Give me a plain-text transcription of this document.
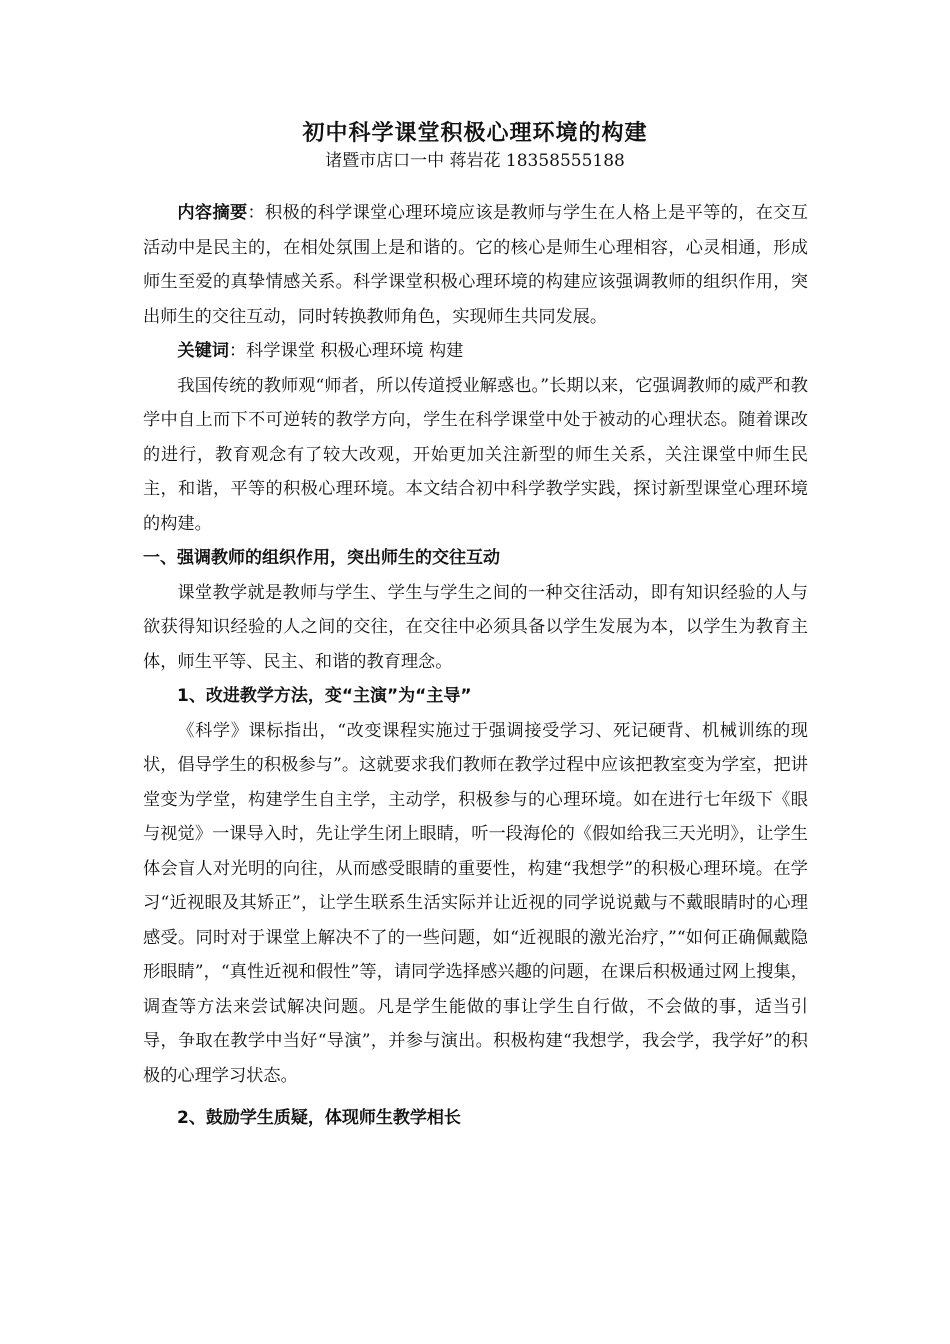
初中科学课堂积极心理环境的构建
诸暨市店口一中 蒋岩花 18358555188

内容摘要：积极的科学课堂心理环境应该是教师与学生在人格上是平等的，在交互活动中是民主的，在相处氛围上是和谐的。它的核心是师生心理相容，心灵相通，形成师生至爱的真挚情感关系。科学课堂积极心理环境的构建应该强调教师的组织作用，突出师生的交往互动，同时转换教师角色，实现师生共同发展。

关键词：科学课堂 积极心理环境 构建

我国传统的教师观“师者，所以传道授业解惑也。”长期以来，它强调教师的威严和教学中自上而下不可逆转的教学方向，学生在科学课堂中处于被动的心理状态。随着课改的进行，教育观念有了较大改观，开始更加关注新型的师生关系，关注课堂中师生民主，和谐，平等的积极心理环境。本文结合初中科学教学实践，探讨新型课堂心理环境的构建。

一、强调教师的组织作用，突出师生的交往互动

课堂教学就是教师与学生、学生与学生之间的一种交往活动，即有知识经验的人与欲获得知识经验的人之间的交往，在交往中必须具备以学生发展为本，以学生为教育主体，师生平等、民主、和谐的教育理念。

1、改进教学方法，变“主演”为“主导”

《科学》课标指出，“改变课程实施过于强调接受学习、死记硬背、机械训练的现状，倡导学生的积极参与”。这就要求我们教师在教学过程中应该把教室变为学室，把讲堂变为学堂，构建学生自主学，主动学，积极参与的心理环境。如在进行七年级下《眼与视觉》一课导入时，先让学生闭上眼睛，听一段海伦的《假如给我三天光明》，让学生体会盲人对光明的向往，从而感受眼睛的重要性，构建“我想学”的积极心理环境。在学习“近视眼及其矫正”，让学生联系生活实际并让近视的同学说说戴与不戴眼睛时的心理感受。同时对于课堂上解决不了的一些问题，如“近视眼的激光治疗，”“如何正确佩戴隐形眼睛”，“真性近视和假性”等，请同学选择感兴趣的问题，在课后积极通过网上搜集，调查等方法来尝试解决问题。凡是学生能做的事让学生自行做，不会做的事，适当引导，争取在教学中当好“导演”，并参与演出。积极构建“我想学，我会学，我学好”的积极的心理学习状态。

2、鼓励学生质疑，体现师生教学相长
